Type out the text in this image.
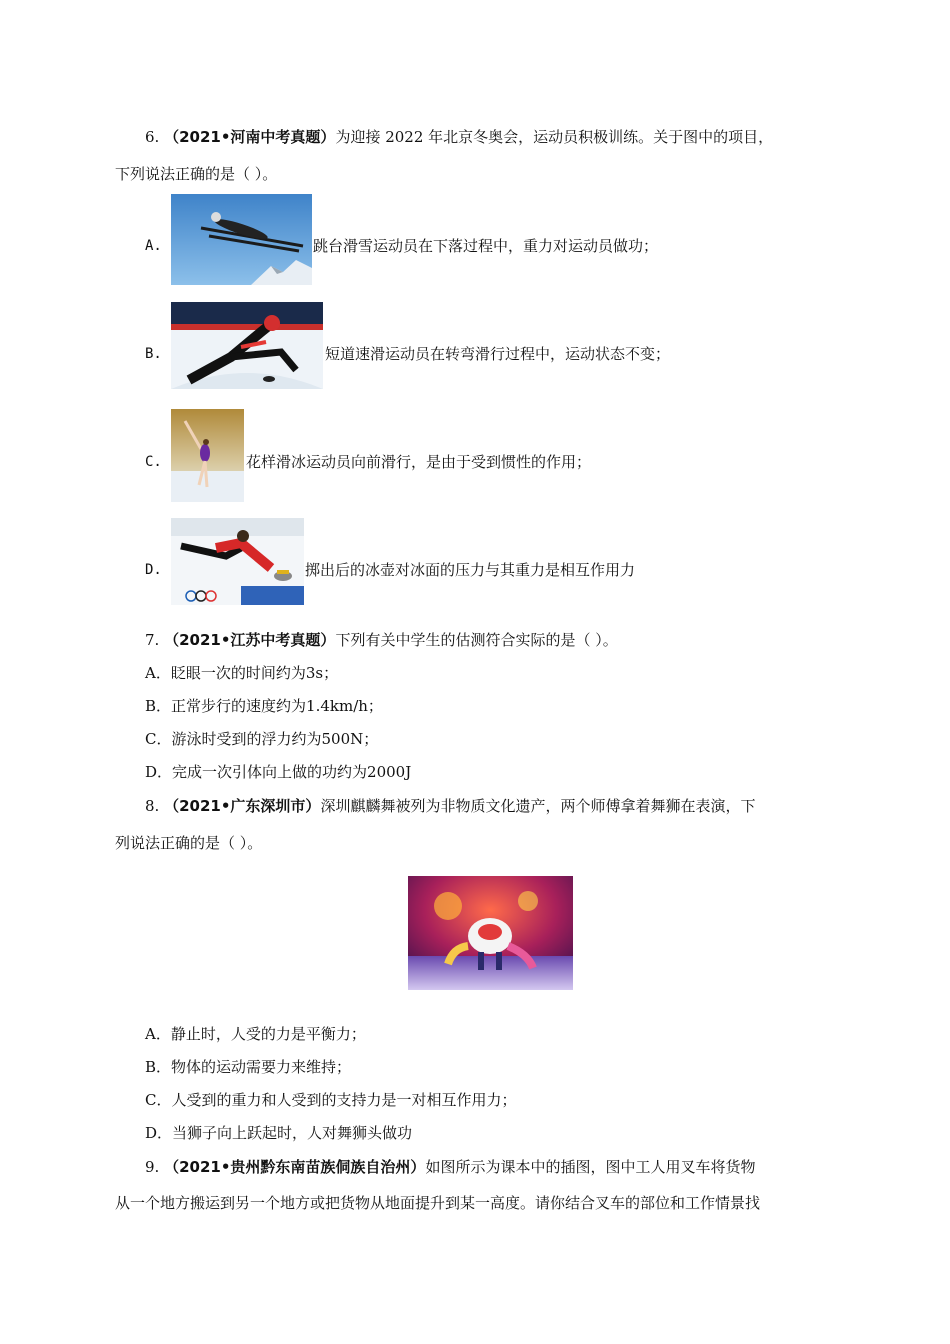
6. （2021•河南中考真题）为迎接 2022 年北京冬奥会，运动员积极训练。关于图中的项目，
下列说法正确的是（ ）。
A.	跳台滑雪运动员在下落过程中，重力对运动员做功；
B.	短道速滑运动员在转弯滑行过程中，运动状态不变；
C.	花样滑冰运动员向前滑行，是由于受到惯性的作用；
D.	掷出后的冰壶对冰面的压力与其重力是相互作用力
7. （2021•江苏中考真题）下列有关中学生的估测符合实际的是（ ）。
A．眨眼一次的时间约为3s；
B．正常步行的速度约为1.4km/h；
C．游泳时受到的浮力约为500N；
D．完成一次引体向上做的功约为2000J
8. （2021•广东深圳市）深圳麒麟舞被列为非物质文化遗产，两个师傅拿着舞狮在表演，下
列说法正确的是（ ）。
A．静止时，人受的力是平衡力；
B．物体的运动需要力来维持；
C．人受到的重力和人受到的支持力是一对相互作用力；
D．当狮子向上跃起时，人对舞狮头做功
9. （2021•贵州黔东南苗族侗族自治州）如图所示为课本中的插图，图中工人用叉车将货物
从一个地方搬运到另一个地方或把货物从地面提升到某一高度。请你结合叉车的部位和工作情景找
